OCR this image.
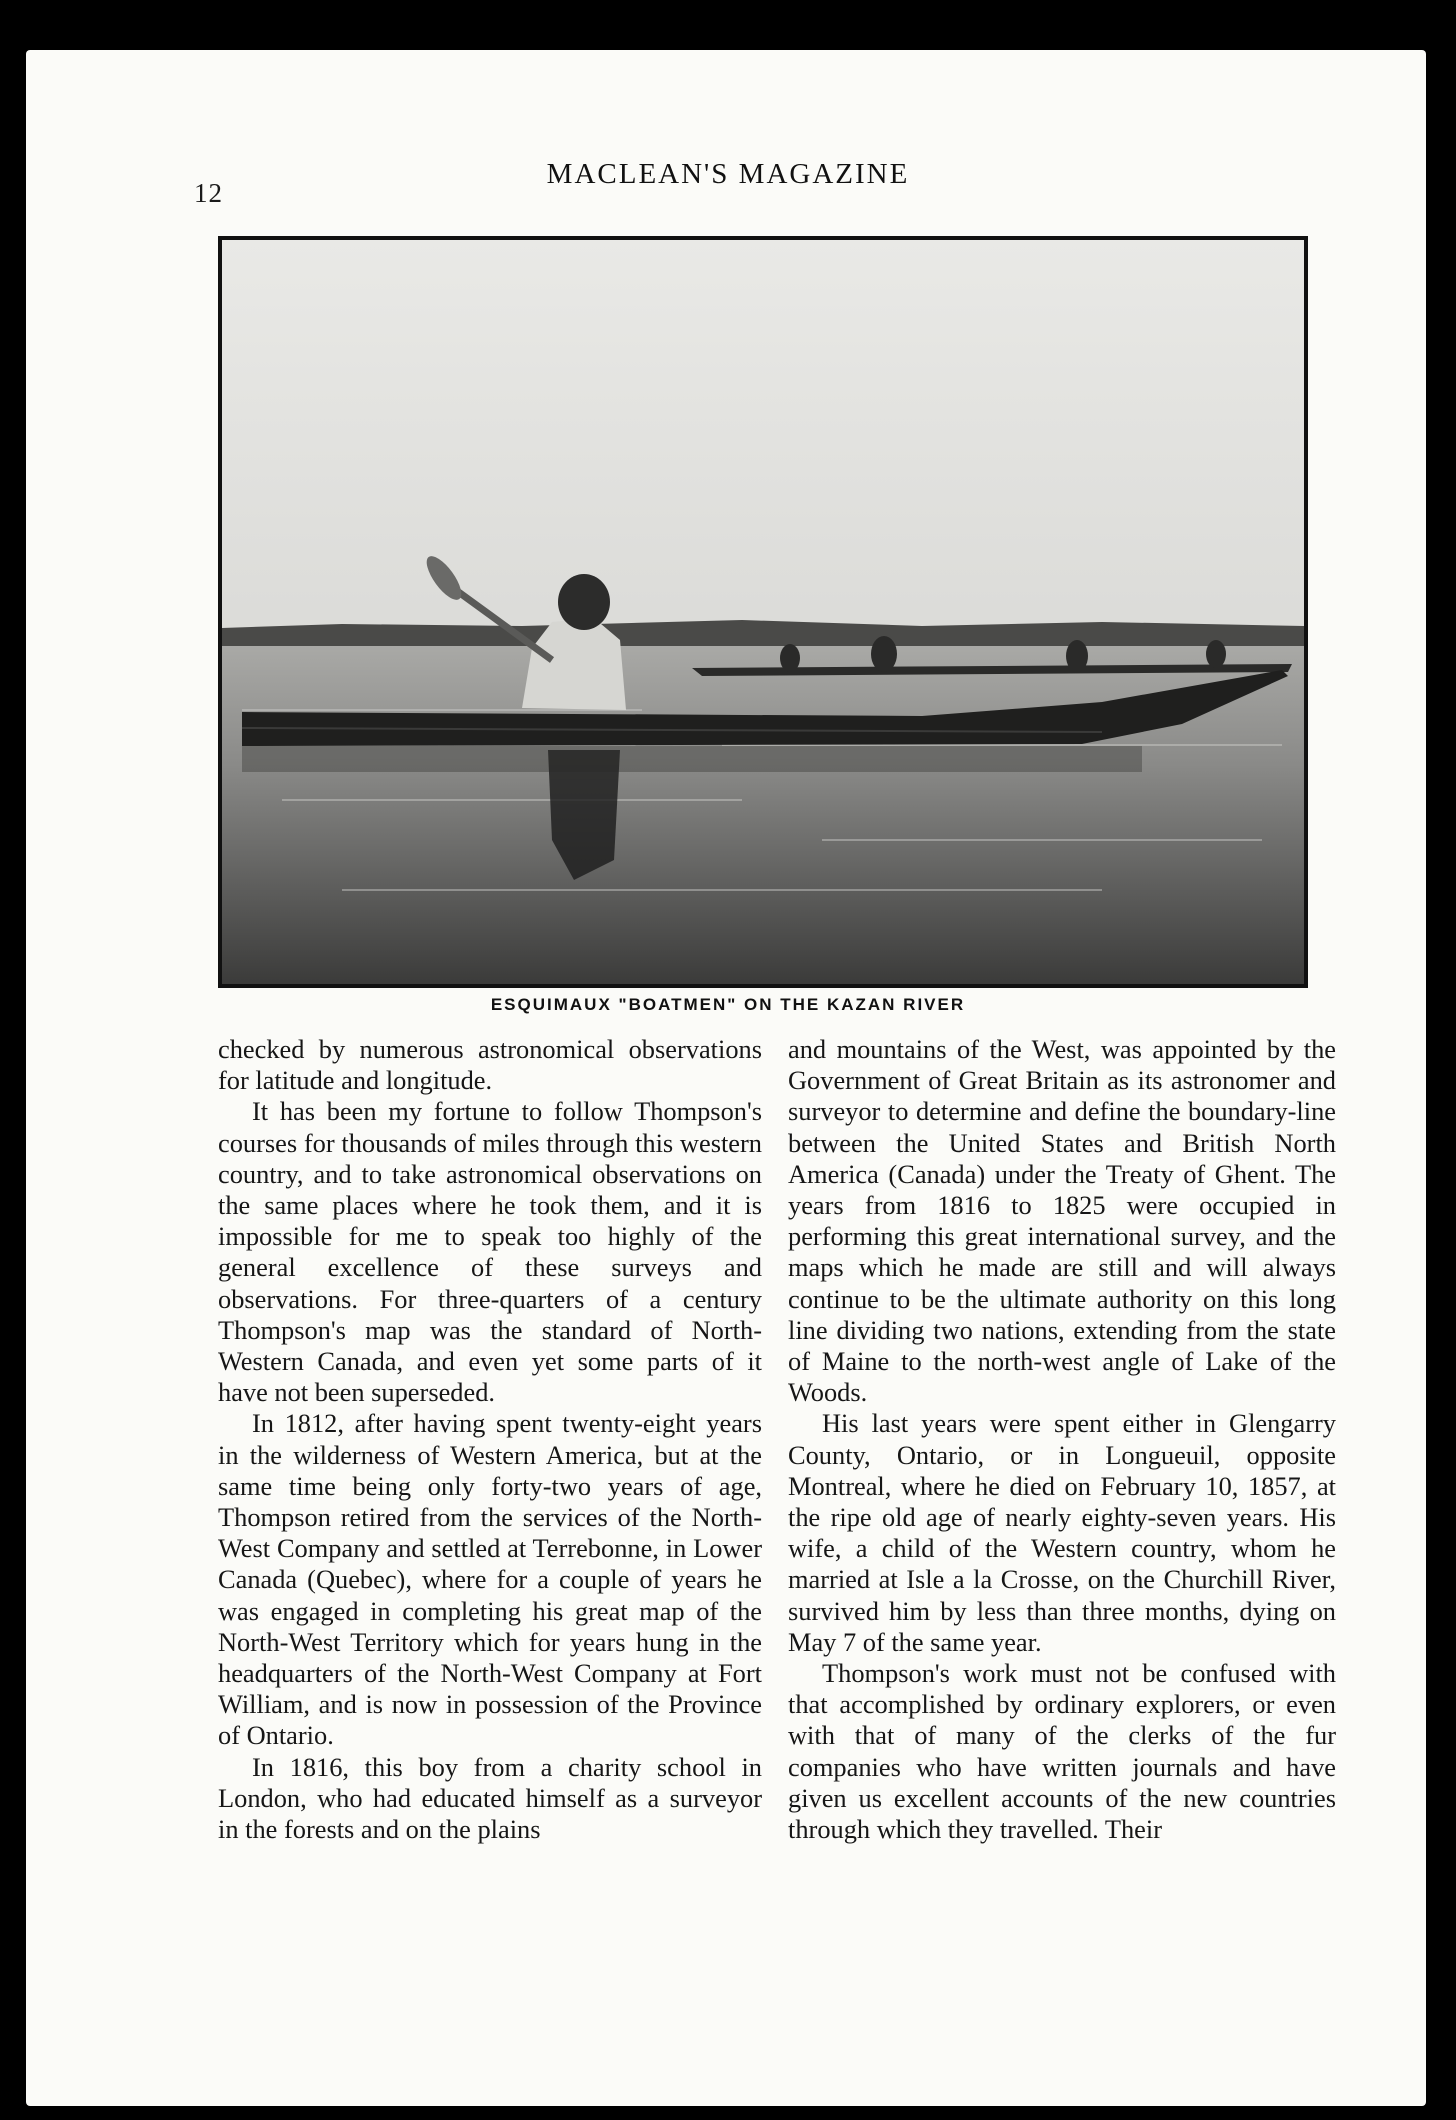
12
MACLEAN'S MAGAZINE
ESQUIMAUX "BOATMEN" ON THE KAZAN RIVER

checked by numerous astronomical observations for latitude and longitude.

It has been my fortune to follow Thompson's courses for thousands of miles through this western country, and to take astronomical observations on the same places where he took them, and it is impossible for me to speak too highly of the general excellence of these surveys and observations. For three-quarters of a century Thompson's map was the standard of North-Western Canada, and even yet some parts of it have not been superseded.

In 1812, after having spent twenty-eight years in the wilderness of Western America, but at the same time being only forty-two years of age, Thompson retired from the services of the North-West Company and settled at Terrebonne, in Lower Canada (Quebec), where for a couple of years he was engaged in completing his great map of the North-West Territory which for years hung in the headquarters of the North-West Company at Fort William, and is now in possession of the Province of Ontario.

In 1816, this boy from a charity school in London, who had educated himself as a surveyor in the forests and on the plains

and mountains of the West, was appointed by the Government of Great Britain as its astronomer and surveyor to determine and define the boundary-line between the United States and British North America (Canada) under the Treaty of Ghent. The years from 1816 to 1825 were occupied in performing this great international survey, and the maps which he made are still and will always continue to be the ultimate authority on this long line dividing two nations, extending from the state of Maine to the north-west angle of Lake of the Woods.

His last years were spent either in Glengarry County, Ontario, or in Longueuil, opposite Montreal, where he died on February 10, 1857, at the ripe old age of nearly eighty-seven years. His wife, a child of the Western country, whom he married at Isle a la Crosse, on the Churchill River, survived him by less than three months, dying on May 7 of the same year.

Thompson's work must not be confused with that accomplished by ordinary explorers, or even with that of many of the clerks of the fur companies who have written journals and have given us excellent accounts of the new countries through which they travelled. Their
